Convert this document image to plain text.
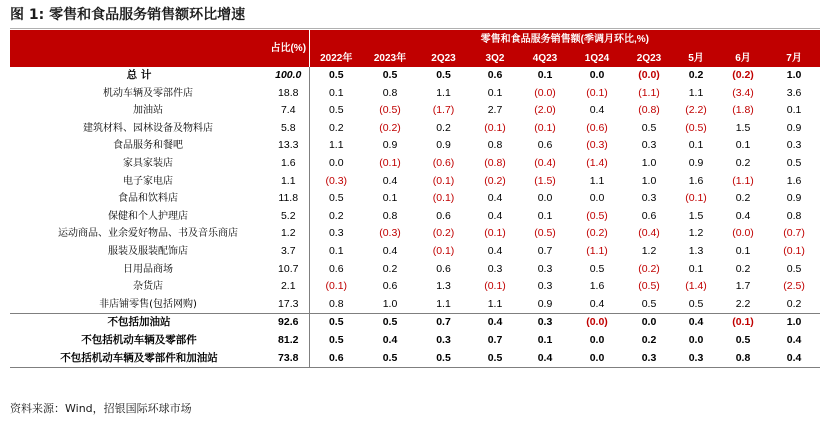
图 1: 零售和食品服务销售额环比增速
	占比(%)	零售和食品服务销售额(季调月环比,%)									
		2022年	2023年	2Q23	3Q2	4Q23	1Q24	2Q23	5月	6月	7月
总 计	100.0	0.5	0.5	0.5	0.6	0.1	0.0	(0.0)	0.2	(0.2)	1.0
机动车辆及零部件店	18.8	0.1	0.8	1.1	0.1	(0.0)	(0.1)	(1.1)	1.1	(3.4)	3.6
加油站	7.4	0.5	(0.5)	(1.7)	2.7	(2.0)	0.4	(0.8)	(2.2)	(1.8)	0.1
建筑材料、园林设备及物料店	5.8	0.2	(0.2)	0.2	(0.1)	(0.1)	(0.6)	0.5	(0.5)	1.5	0.9
食品服务和餐吧	13.3	1.1	0.9	0.9	0.8	0.6	(0.3)	0.3	0.1	0.1	0.3
家具家装店	1.6	0.0	(0.1)	(0.6)	(0.8)	(0.4)	(1.4)	1.0	0.9	0.2	0.5
电子家电店	1.1	(0.3)	0.4	(0.1)	(0.2)	(1.5)	1.1	1.0	1.6	(1.1)	1.6
食品和饮料店	11.8	0.5	0.1	(0.1)	0.4	0.0	0.0	0.3	(0.1)	0.2	0.9
保健和个人护理店	5.2	0.2	0.8	0.6	0.4	0.1	(0.5)	0.6	1.5	0.4	0.8
运动商品、业余爱好物品、书及音乐商店	1.2	0.3	(0.3)	(0.2)	(0.1)	(0.5)	(0.2)	(0.4)	1.2	(0.0)	(0.7)
服装及服装配饰店	3.7	0.1	0.4	(0.1)	0.4	0.7	(1.1)	1.2	1.3	0.1	(0.1)
日用品商场	10.7	0.6	0.2	0.6	0.3	0.3	0.5	(0.2)	0.1	0.2	0.5
杂货店	2.1	(0.1)	0.6	1.3	(0.1)	0.3	1.6	(0.5)	(1.4)	1.7	(2.5)
非店铺零售(包括网购)	17.3	0.8	1.0	1.1	1.1	0.9	0.4	0.5	0.5	2.2	0.2
不包括加油站	92.6	0.5	0.5	0.7	0.4	0.3	(0.0)	0.0	0.4	(0.1)	1.0
不包括机动车辆及零部件	81.2	0.5	0.4	0.3	0.7	0.1	0.0	0.2	0.0	0.5	0.4
不包括机动车辆及零部件和加油站	73.8	0.6	0.5	0.5	0.5	0.4	0.0	0.3	0.3	0.8	0.4
资料来源：Wind，招银国际环球市场
